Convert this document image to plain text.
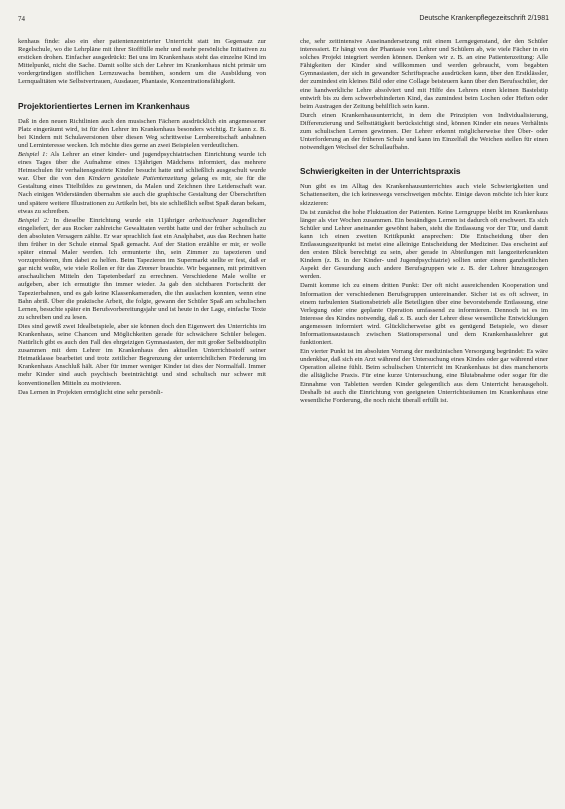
74	Deutsche Krankenpflegezeitschrift 2/1981

kenhaus finde: also ein eher patientenzentrierter Unterricht statt im Gegensatz zur Regelschule, wo die Lehrpläne mit ihrer Stofffülle mehr und mehr persönliche Initiativen zu ersticken drohen. Einfacher ausgedrückt: Bei uns im Krankenhaus steht das einzelne Kind im Mittelpunkt, nicht die Sache. Damit sollte sich der Lehrer im Krankenhaus nicht primär um vordergründigen stofflichen Lernzuwachs bemühen, sondern um die Ausbildung von Lernqualitäten wie Selbstvertrauen, Ausdauer, Phantasie, Konzentrationsfähigkeit.

Projektorientiertes Lernen im Krankenhaus

Daß in den neuen Richtlinien auch den musischen Fächern ausdrücklich ein angemessener Platz eingeräumt wird, ist für den Lehrer im Krankenhaus besonders wichtig. Er kann z. B. bei Kindern mit Schulaversionen über diesen Weg schrittweise Lernbereitschaft anbahnen und Lerninteresse wecken. Ich möchte dies gerne an zwei Beispielen verdeutlichen.

Beispiel 1: Als Lehrer an einer kinder- und jugendpsychiatrischen Einrichtung wurde ich eines Tages über die Aufnahme eines 13jährigen Mädchens informiert, das mehrere Heimschulen für verhaltensgestörte Kinder besucht hatte und schließlich ausgeschult wurde war. Über die von den Kindern gestaltete Patientenzeitung gelang es mir, sie für die Gestaltung eines Titelbildes zu gewinnen, da Malen und Zeichnen ihre Leidenschaft war. Nach einigen Widerständen übernahm sie auch die graphische Gestaltung der Überschriften und spätere weitere Illustrationen zu Artikeln bei, bis sie schließlich selbst Spaß daran bekam, etwas zu schreiben.

Beispiel 2: In dieselbe Einrichtung wurde ein 11jähriger arbeitsscheuer Jugendlicher eingeliefert, der aus Rocker zahlreiche Gewalttaten verübt hatte und der früher schulisch zu den absoluten Versagern zählte. Er war sprachlich fast ein Analphabet, aus das Rechnen hatte ihm früher in der Schule einmal Spaß gemacht. Auf der Station erzählte er mir, er wolle später einmal Maler werden. Ich ermunterte ihn, sein Zimmer zu tapezieren und vorzuprobieren, ihm dabei zu helfen. Beim Tapezieren im Supermarkt stellte er fest, daß er gar nicht wußte, wie viele Rollen er für das Zimmer brauchte. Wir begannen, mit primitiven anschaulichen Mitteln den Tapetenbedarf zu errechnen. Verschiedene Male wollte er aufgeben, aber ich ermutigte ihn immer wieder. Ja gab den sichtbaren Fortschritt der Tapezierbahnen, und es gab keine Klassenkameraden, die ihn auslachen konnten, wenn eine Bahn abriß. Über die praktische Arbeit, die folgte, gewann der Schüler Spaß am schulischen Lernen, besuchte später ein Berufsvorbereitungsjahr und ist heute in der Lage, einfache Texte zu schreiben und zu lesen.

Dies sind gewiß zwei Idealbeispiele, aber sie können doch den Eigenwert des Unterrichts im Krankenhaus, seine Chancen und Möglichkeiten gerade für schwächere Schüler belegen. Natürlich gibt es auch den Fall des ehrgeizigen Gymnasiasten, der mit großer Selbstdisziplin zusammen mit dem Lehrer im Krankenhaus den aktuellen Unterrichtsstoff seiner Heimatklasse bearbeitet und trotz zeitlicher Begrenzung der unterrichtlichen Förderung im Krankenhaus Anschluß hält. Aber für immer weniger Kinder ist dies der Normalfall. Immer mehr Kinder sind auch psychisch beeinträchtigt und sind schulisch nur schwer mit konventionellen Mitteln zu motivieren.

Das Lernen in Projekten ermöglicht eine sehr persönli-

che, sehr zeitintensive Auseinandersetzung mit einem Lerngegenstand, der den Schüler interessiert. Er hängt von der Phantasie von Lehrer und Schülern ab, wie viele Fächer in ein solches Projekt integriert werden können. Denken wir z. B. an eine Patientenzeitung: Alle Fähigkeiten der Kinder sind willkommen und werden gebraucht, vom begabten Gymnasiasten, der sich in gewandter Schriftsprache ausdrücken kann, über den Erstklässler, der zumindest ein kleines Bild oder eine Collage beisteuern kann über den Berufsschüler, der eine handwerkliche Lehre absolviert und mit Hilfe des Lehrers einen kleinen Bastelstip entwirft bis zu dem schwerbehinderten Kind, das zumindest beim Lochen oder Heften oder beim Austragen der Zeitung behilflich sein kann.

Durch einen Krankenhausunterricht, in dem die Prinzipien von Individualisierung, Differenzierung und Selbsttätigkeit berücksichtigt sind, können Kinder ein neues Verhältnis zum schulischen Lernen gewinnen. Der Lehrer erkennt möglicherweise ihre Über- oder Unterforderung an der früheren Schule und kann im Einzelfall die Weichen stellen für einen notwendigen Wechsel der Schullaufbahn.

Schwierigkeiten in der Unterrichtspraxis

Nun gibt es im Alltag des Krankenhausunterrichtes auch viele Schwierigkeiten und Schattenseiten, die ich keineswegs verschweigen möchte. Einige davon möchte ich hier kurz skizzieren:

Da ist zunächst die hohe Fluktuation der Patienten. Keine Lerngruppe bleibt im Krankenhaus länger als vier Wochen zusammen. Ein beständiges Lernen ist dadurch oft erschwert. Es sich Schüler und Lehrer aneinander gewöhnt haben, steht die Entlassung vor der Tür, und damit kann ich einen zweiten Kritikpunkt ansprechen: Die Entscheidung über den Entlassungszeitpunkt ist meist eine alleinige Entscheidung der Mediziner. Das erscheint auf den ersten Blick berechtigt zu sein, aber gerade in Abteilungen mit langzeiterkrankten Kindern (z. B. in der Kinder- und Jugendpsychiatrie) sollten unter einem ganzheitlichen Aspekt der Gesundung auch andere Berufsgruppen wie z. B. der Lehrer hinzugezogen werden.

Damit komme ich zu einem dritten Punkt: Der oft nicht ausreichenden Kooperation und Information der verschiedenen Berufsgruppen untereinander. Sicher ist es oft schwer, in einem turbulenten Stationsbetrieb alle Beteiligten über eine bevorstehende Entlassung, eine Verlegung oder eine geplante Operation umfassend zu informieren. Dennoch ist es im Interesse des Kindes notwendig, daß z. B. auch der Lehrer diese wesentliche Entwicklungen angemessen informiert wird. Glücklicherweise gibt es genügend Beispiele, wo dieser Informationsaustausch zwischen Stationspersonal und dem Krankenhauslehrer gut funktioniert.

Ein vierter Punkt ist im absoluten Vorrang der medizinischen Versorgung begründet: Es wäre undenkbar, daß sich ein Arzt während der Untersuchung eines Kindes oder gar während einer Operation alleine fühlt. Beim schulischen Unterricht im Krankenhaus ist dies manchenorts die alltägliche Praxis. Für eine kurze Untersuchung, eine Blutabnahme oder sogar für die Einnahme von Tabletten werden Kinder gelegentlich aus dem Unterricht herausgeholt. Deshalb ist auch die Einrichtung von geeigneten Unterrichtsräumen im Krankenhaus eine wesentliche Forderung, die noch nicht überall erfüllt ist.
